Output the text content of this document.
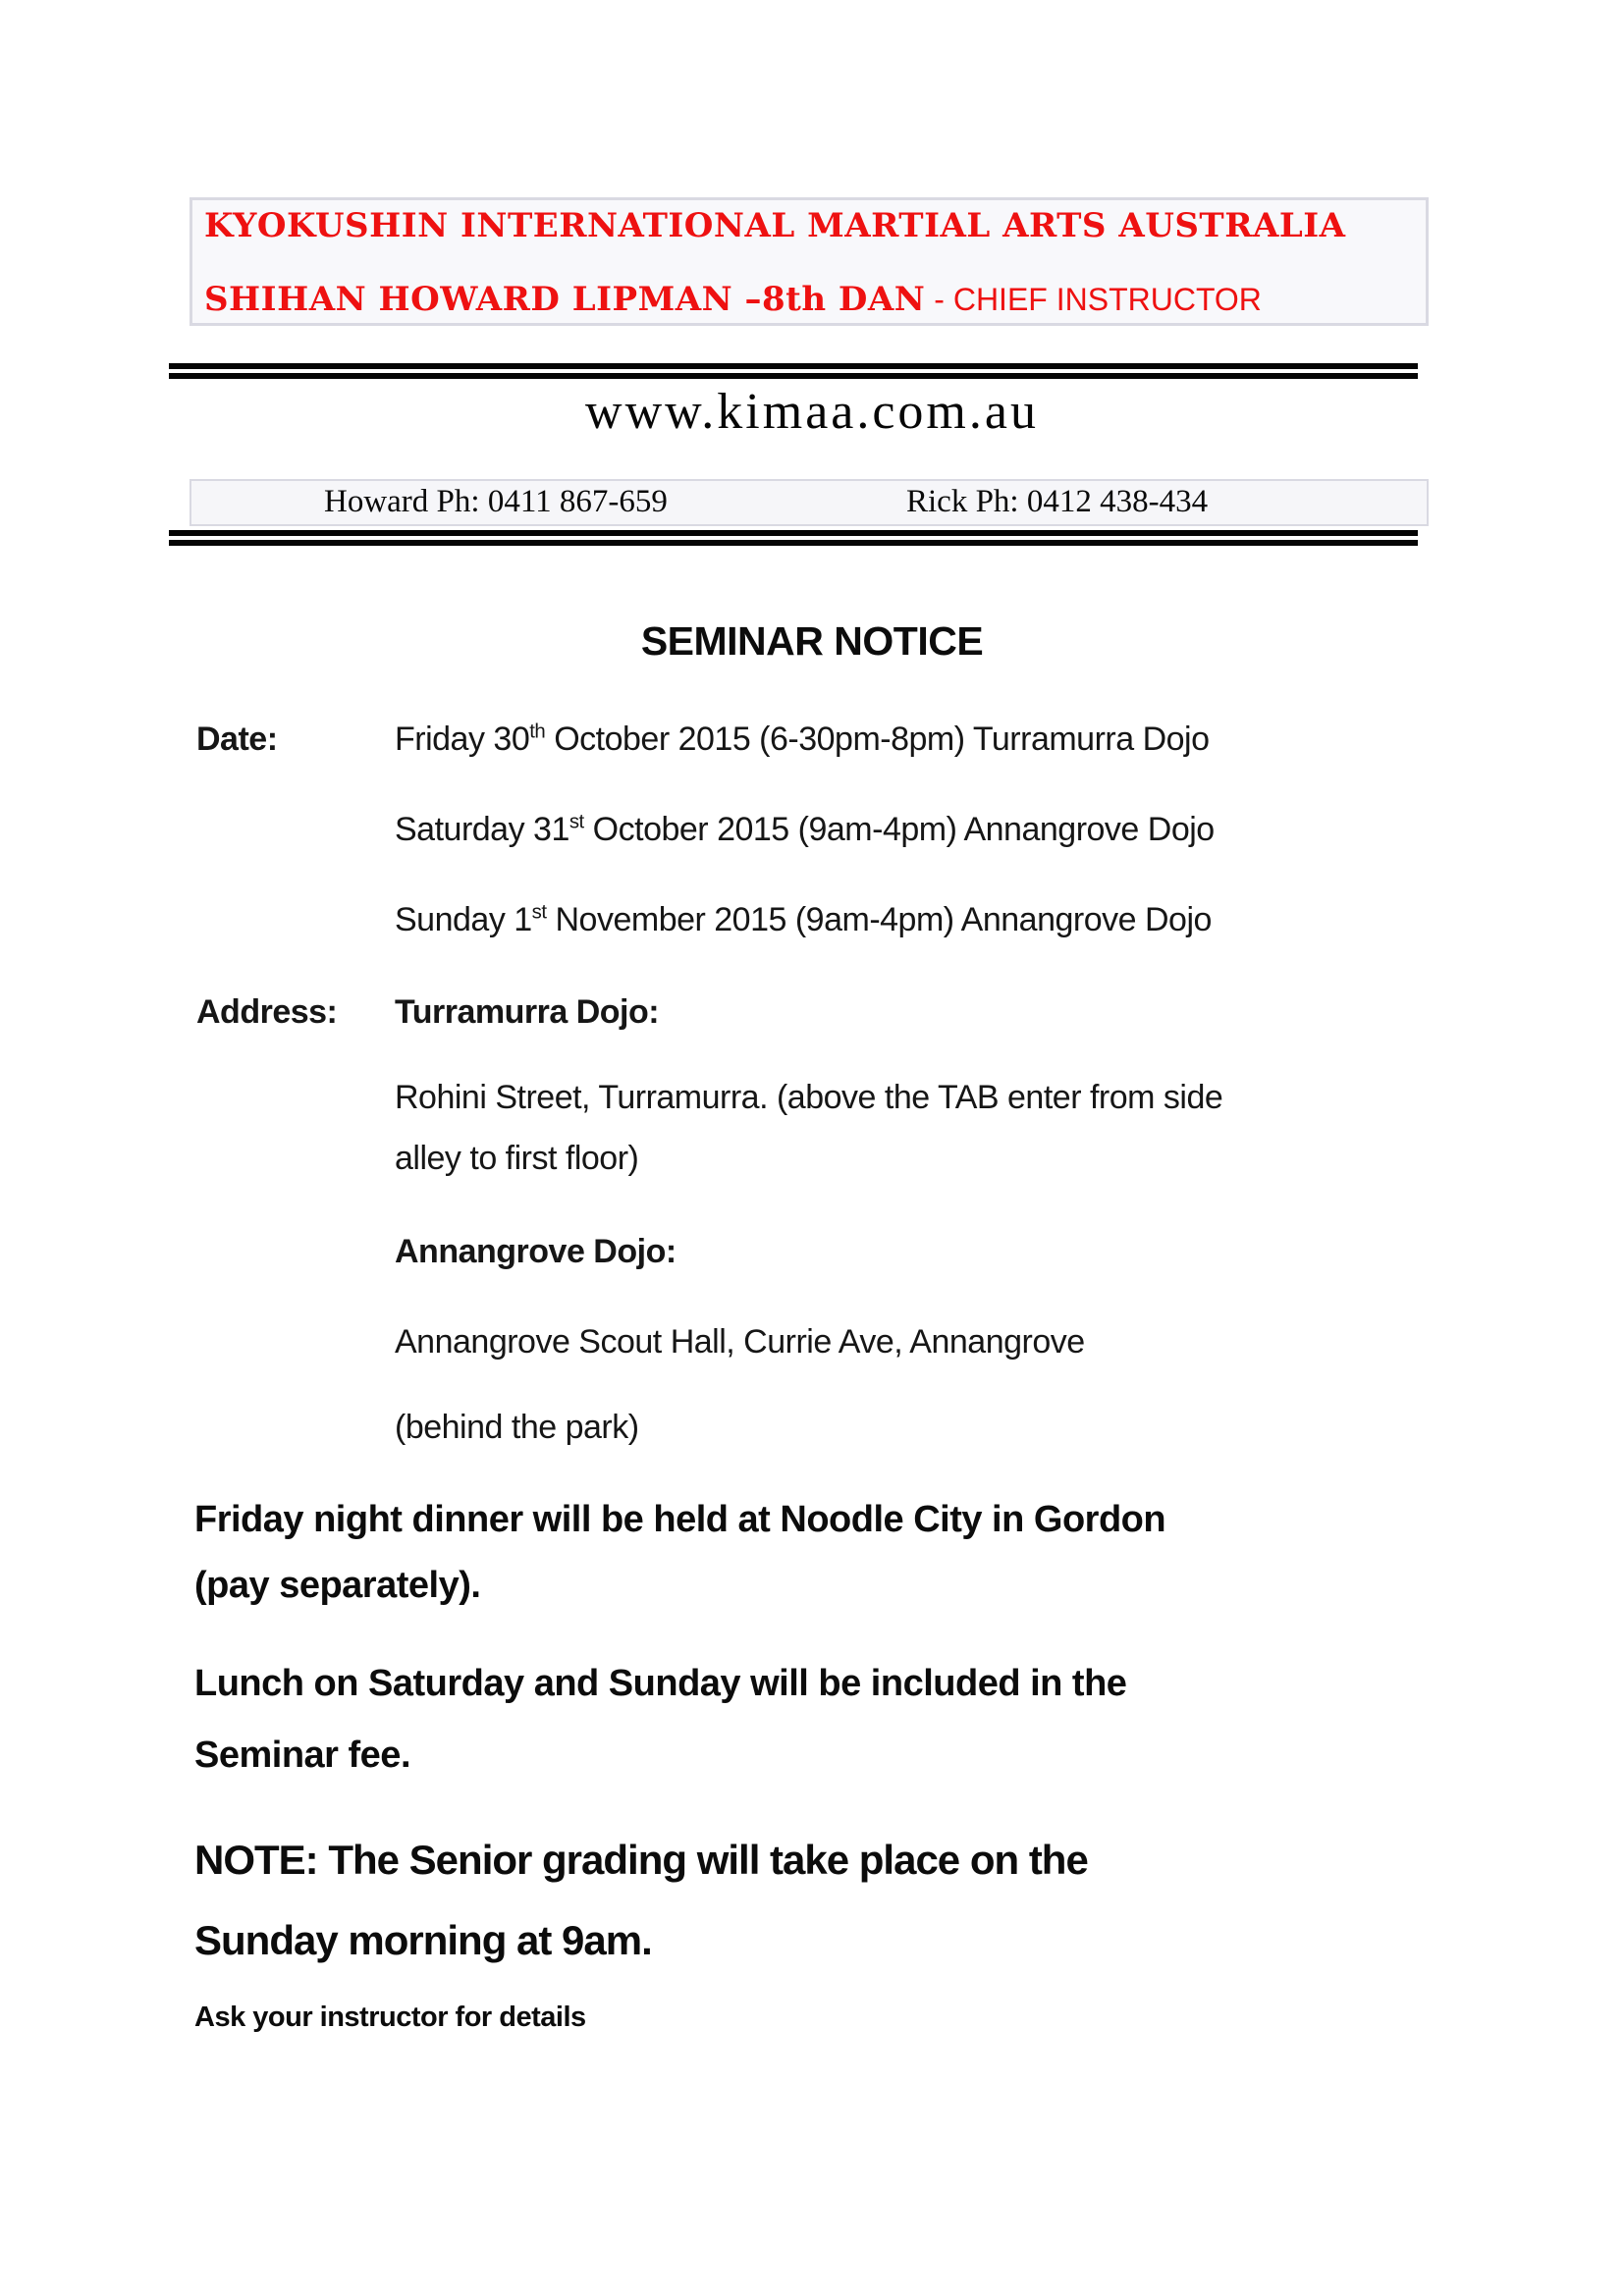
KYOKUSHIN INTERNATIONAL MARTIAL ARTS AUSTRALIA
SHIHAN HOWARD LIPMAN –8th DAN - CHIEF INSTRUCTOR
www.kimaa.com.au
Howard Ph: 0411 867-659	Rick Ph: 0412 438-434
SEMINAR NOTICE
Date:	Friday 30th October 2015 (6-30pm-8pm) Turramurra Dojo
Saturday 31st October 2015 (9am-4pm) Annangrove Dojo
Sunday 1st November 2015 (9am-4pm) Annangrove Dojo
Address: Turramurra Dojo:
Rohini Street, Turramurra. (above the TAB enter from side
alley to first floor)
Annangrove Dojo:
Annangrove Scout Hall, Currie Ave, Annangrove
(behind the park)
Friday night dinner will be held at Noodle City in Gordon
(pay separately).
Lunch on Saturday and Sunday will be included in the
Seminar fee.
NOTE: The Senior grading will take place on the
Sunday morning at 9am.
Ask your instructor for details
